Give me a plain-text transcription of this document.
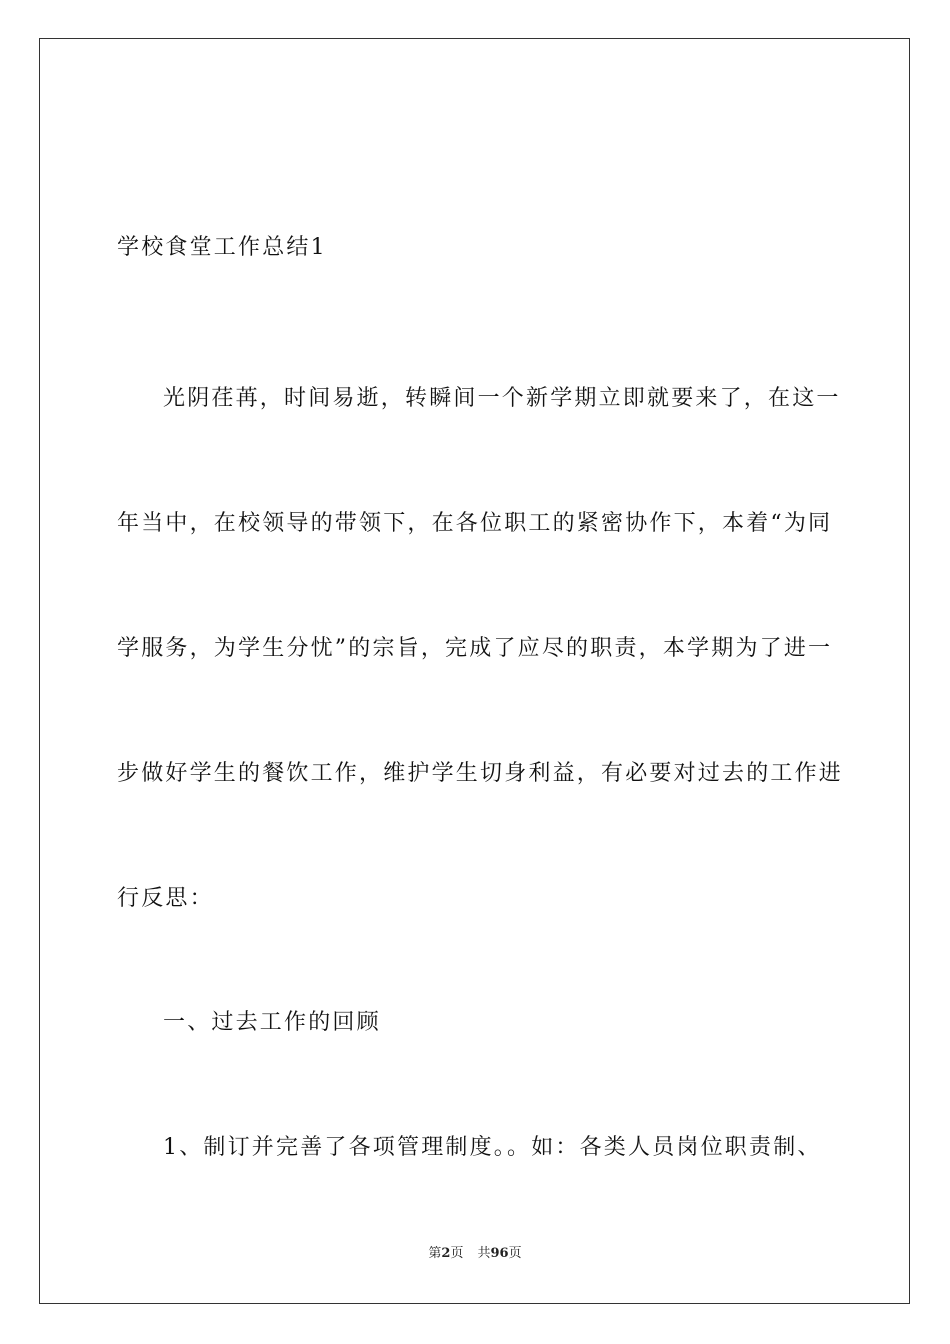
学校食堂工作总结1
光阴荏苒，时间易逝，转瞬间一个新学期立即就要来了，在这一
年当中，在校领导的带领下，在各位职工的紧密协作下，本着“为同
学服务，为学生分忧”的宗旨，完成了应尽的职责，本学期为了进一
步做好学生的餐饮工作，维护学生切身利益，有必要对过去的工作进
行反思：
一、过去工作的回顾
1、制订并完善了各项管理制度。。如：各类人员岗位职责制、
第2页 共96页
